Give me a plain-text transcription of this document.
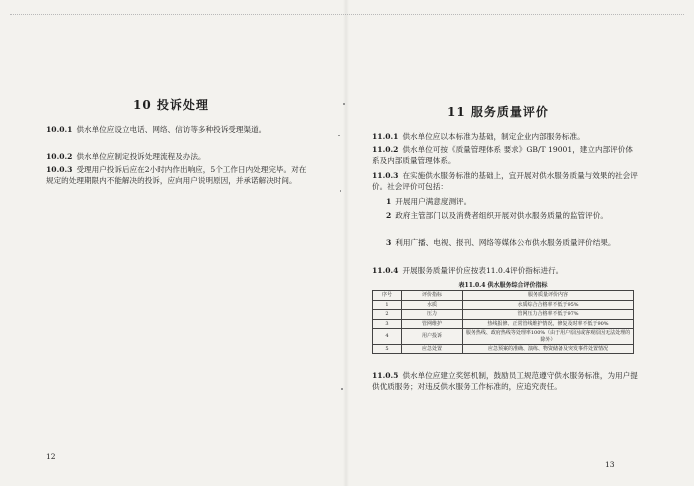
10 投诉处理
10.0.1 供水单位应设立电话、网络、信访等多种投诉受理渠道。
10.0.2 供水单位应制定投诉处理流程及办法。
10.0.3 受理用户投诉后应在2小时内作出响应，5个工作日内处理完毕。对在规定的处理期限内不能解决的投诉，应向用户说明原因，并承诺解决时间。
12
11 服务质量评价
11.0.1 供水单位应以本标准为基础，制定企业内部服务标准。
11.0.2 供水单位可按《质量管理体系 要求》GB/T 19001，建立内部评价体系及内部质量管理体系。
11.0.3 在实施供水服务标准的基础上，宜开展对供水服务质量与效果的社会评价。社会评价可包括：
1 开展用户满意度测评。
2 政府主管部门以及消费者组织开展对供水服务质量的监管评价。
3 利用广播、电视、报刊、网络等媒体公布供水服务质量评价结果。
11.0.4 开展服务质量评价应按表11.0.4评价指标进行。
表11.0.4 供水服务综合评价指标
序号	评价指标	服务质量评价内容
1	水质	水质综合合格率不低于95%
2	压力	管网压力合格率不低于97%
3	管网维护	热线报修、正常管线维护情况，修复及时率不低于90%
4	用户投诉	服务热线、政府热线等处理率100%（由于用户原因或客观原因无法处理的除外）
5	应急处置	应急预案的准确、演练、物资储备及突发事件处置情况
11.0.5 供水单位应建立奖惩机制，鼓励员工规范遵守供水服务标准，为用户提供优质服务；对违反供水服务工作标准的，应追究责任。
13
